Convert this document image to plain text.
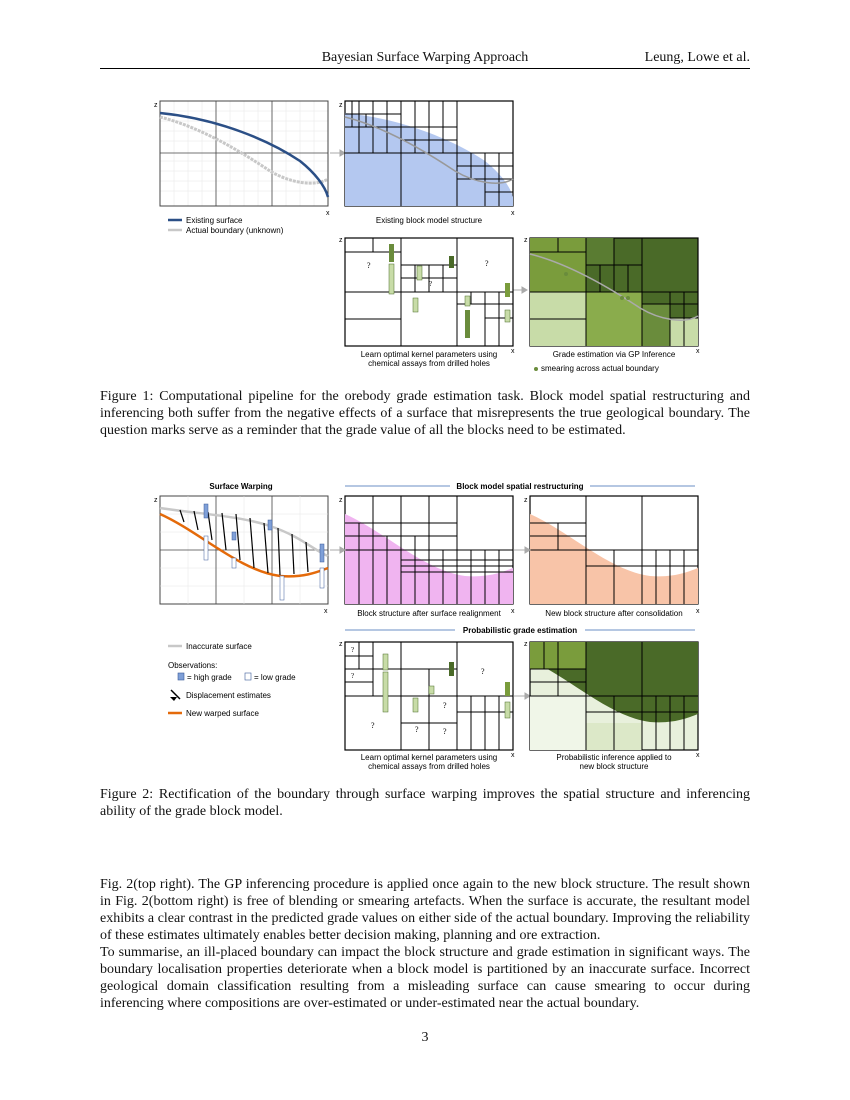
Bayesian Surface Warping Approach	Leung, Lowe et al.
z
x
Existing surface
Actual boundary (unknown)
z
x
Existing block model structure
?
?
?
z
x
Learn optimal kernel parameters using
chemical assays from drilled holes
z
x
Grade estimation via GP Inference
smearing across actual boundary
Figure 1: Computational pipeline for the orebody grade estimation task. Block model spatial restructuring and inferencing both suffer from the negative effects of a surface that misrepresents the true geological boundary. The question marks serve as a reminder that the grade value of all the blocks need to be estimated.
Surface Warping	Block model spatial restructuring
Probabilistic grade estimation
z
x
z
x
Block structure after surface realignment
z
x
New block structure after consolidation
Inaccurate surface
Observations:
= high grade	= low grade
Displacement estimates
New warped surface
?
?	?
?	?
?
?
z
x
Learn optimal kernel parameters using
chemical assays from drilled holes
z
x
Probabilistic inference applied to
new block structure
Figure 2: Rectification of the boundary through surface warping improves the spatial structure and inferencing ability of the grade block model.

Fig. 2(top right). The GP inferencing procedure is applied once again to the new block structure. The result shown in Fig. 2(bottom right) is free of blending or smearing artefacts. When the surface is accurate, the resultant model exhibits a clear contrast in the predicted grade values on either side of the actual boundary. Improving the reliability of these estimates ultimately enables better decision making, planning and ore extraction.

To summarise, an ill-placed boundary can impact the block structure and grade estimation in significant ways. The boundary localisation properties deteriorate when a block model is partitioned by an inaccurate surface. Incorrect geological domain classification resulting from a misleading surface can cause smearing to occur during inferencing where compositions are over-estimated or under-estimated near the actual boundary.

3
